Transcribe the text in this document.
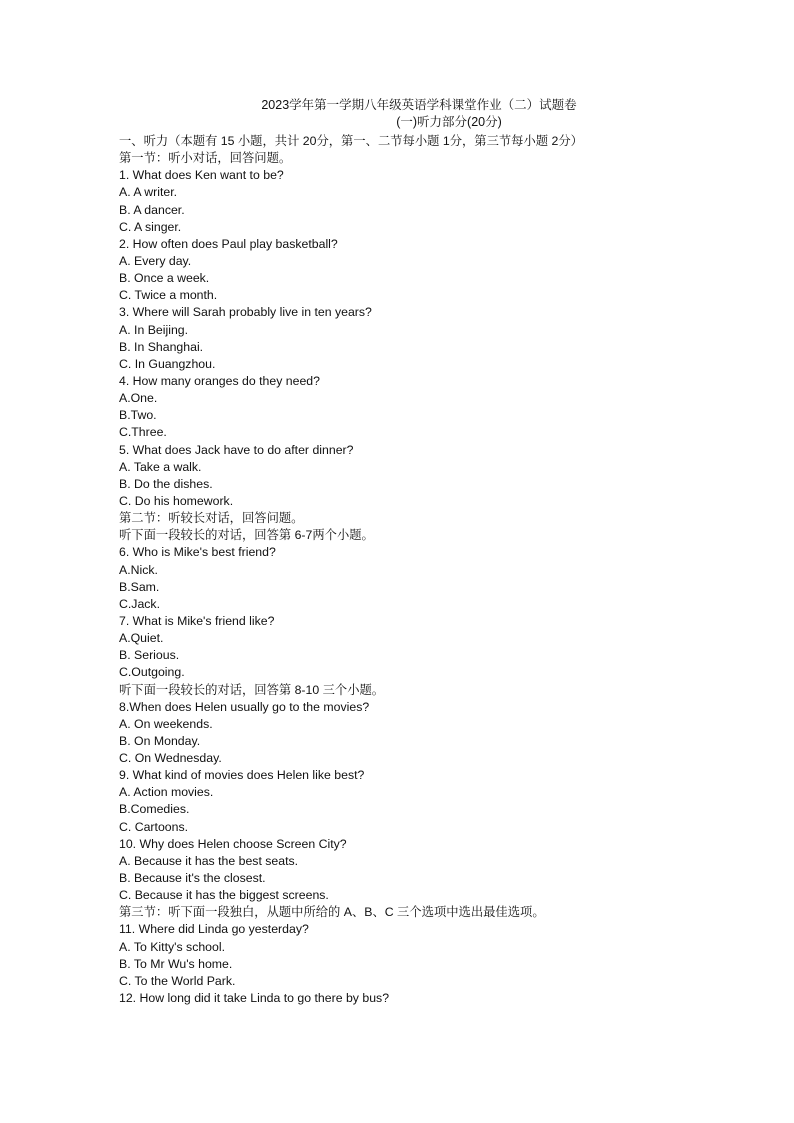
2023学年第一学期八年级英语学科课堂作业（二）试题卷
(一)听力部分(20分)
一、听力（本题有 15 小题，共计 20分，第一、二节每小题 1分，第三节每小题 2分）
第一节：听小对话，回答问题。
1. What does Ken want to be?
A. A writer.
B. A dancer.
C. A singer.
2. How often does Paul play basketball?
A. Every day.
B. Once a week.
C. Twice a month.
3. Where will Sarah probably live in ten years?
A. In Beijing.
B. In Shanghai.
C. In Guangzhou.
4. How many oranges do they need?
A.One.
B.Two.
C.Three.
5. What does Jack have to do after dinner?
A. Take a walk.
B. Do the dishes.
C. Do his homework.
第二节：听较长对话，回答问题。
听下面一段较长的对话，回答第 6-7两个小题。
6. Who is Mike's best friend?
A.Nick.
B.Sam.
C.Jack.
7. What is Mike's friend like?
A.Quiet.
B. Serious.
C.Outgoing.
听下面一段较长的对话，回答第 8-10 三个小题。
8.When does Helen usually go to the movies?
A. On weekends.
B. On Monday.
C. On Wednesday.
9. What kind of movies does Helen like best?
A. Action movies.
B.Comedies.
C. Cartoons.
10. Why does Helen choose Screen City?
A. Because it has the best seats.
B. Because it's the closest.
C. Because it has the biggest screens.
第三节：听下面一段独白，从题中所给的 A、B、C 三个选项中选出最佳选项。
11. Where did Linda go yesterday?
A. To Kitty's school.
B. To Mr Wu's home.
C. To the World Park.
12. How long did it take Linda to go there by bus?
